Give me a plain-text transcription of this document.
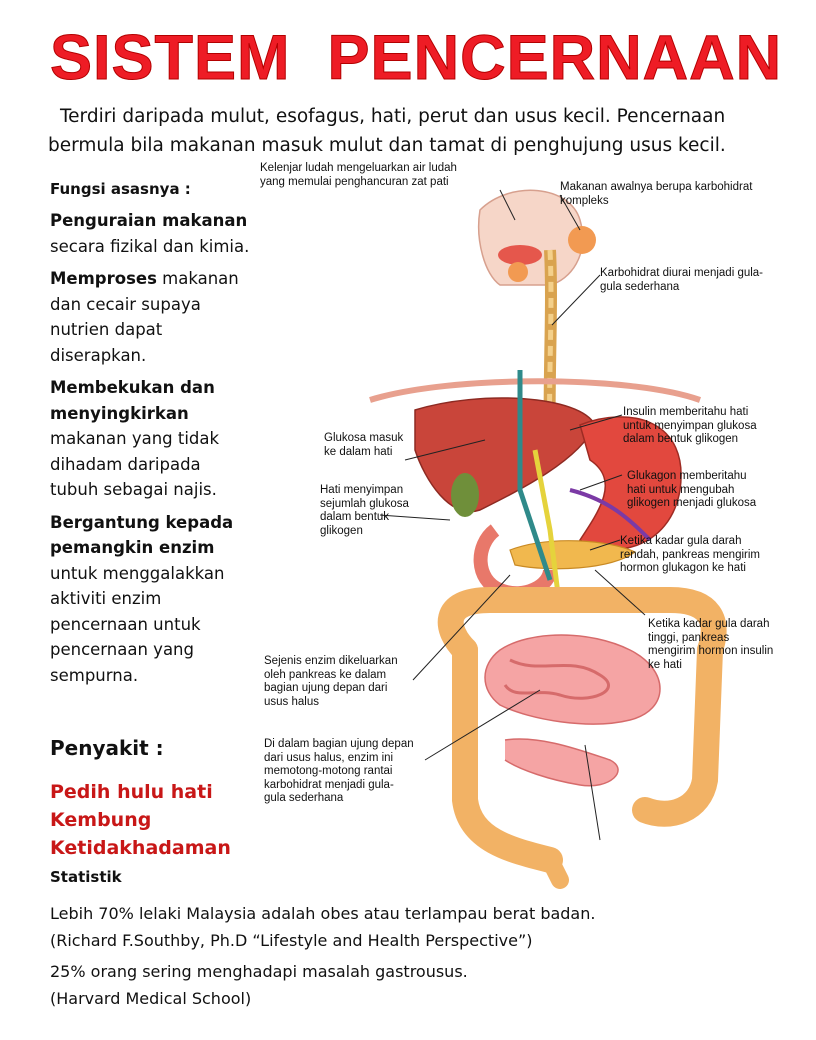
SISTEM  PENCERNAAN
Terdiri daripada mulut, esofagus, hati, perut dan usus kecil. Pencernaan bermula bila makanan masuk mulut dan tamat di penghujung usus kecil.
Fungsi asasnya :
Penguraian makanan secara fizikal dan kimia.
Memproses makanan dan cecair supaya nutrien dapat diserapkan.
Membekukan dan menyingkirkan makanan yang tidak dihadam daripada tubuh sebagai najis.
Bergantung kepada pemangkin enzim untuk menggalakkan aktiviti enzim pencernaan untuk pencernaan yang sempurna.
Penyakit :
Pedih hulu hati
Kembung
Ketidakhadaman
Statistik
Lebih 70% lelaki Malaysia adalah obes atau terlampau berat badan.
(Richard F.Southby, Ph.D “Lifestyle and Health Perspective”)
25% orang sering menghadapi masalah gastrousus.
(Harvard Medical School)
Kelenjar ludah mengeluarkan air ludah
yang memulai penghancuran zat pati	Makanan awalnya berupa karbohidrat
kompleks
Karbohidrat diurai menjadi gula-
gula sederhana
Insulin memberitahu hati
untuk menyimpan glukosa
dalam bentuk glikogen
Glukosa masuk
ke dalam hati
Glukagon memberitahu
hati untuk mengubah
glikogen menjadi glukosa
Hati menyimpan
sejumlah glukosa
dalam bentuk
glikogen
Ketika kadar gula darah
rendah, pankreas mengirim
hormon glukagon ke hati
Ketika kadar gula darah
tinggi, pankreas
mengirim hormon insulin
ke hati
Sejenis enzim dikeluarkan
oleh pankreas ke dalam
bagian ujung depan dari
usus halus
Di dalam bagian ujung depan
dari usus halus, enzim ini
memotong-motong rantai
karbohidrat menjadi gula-
gula sederhana
